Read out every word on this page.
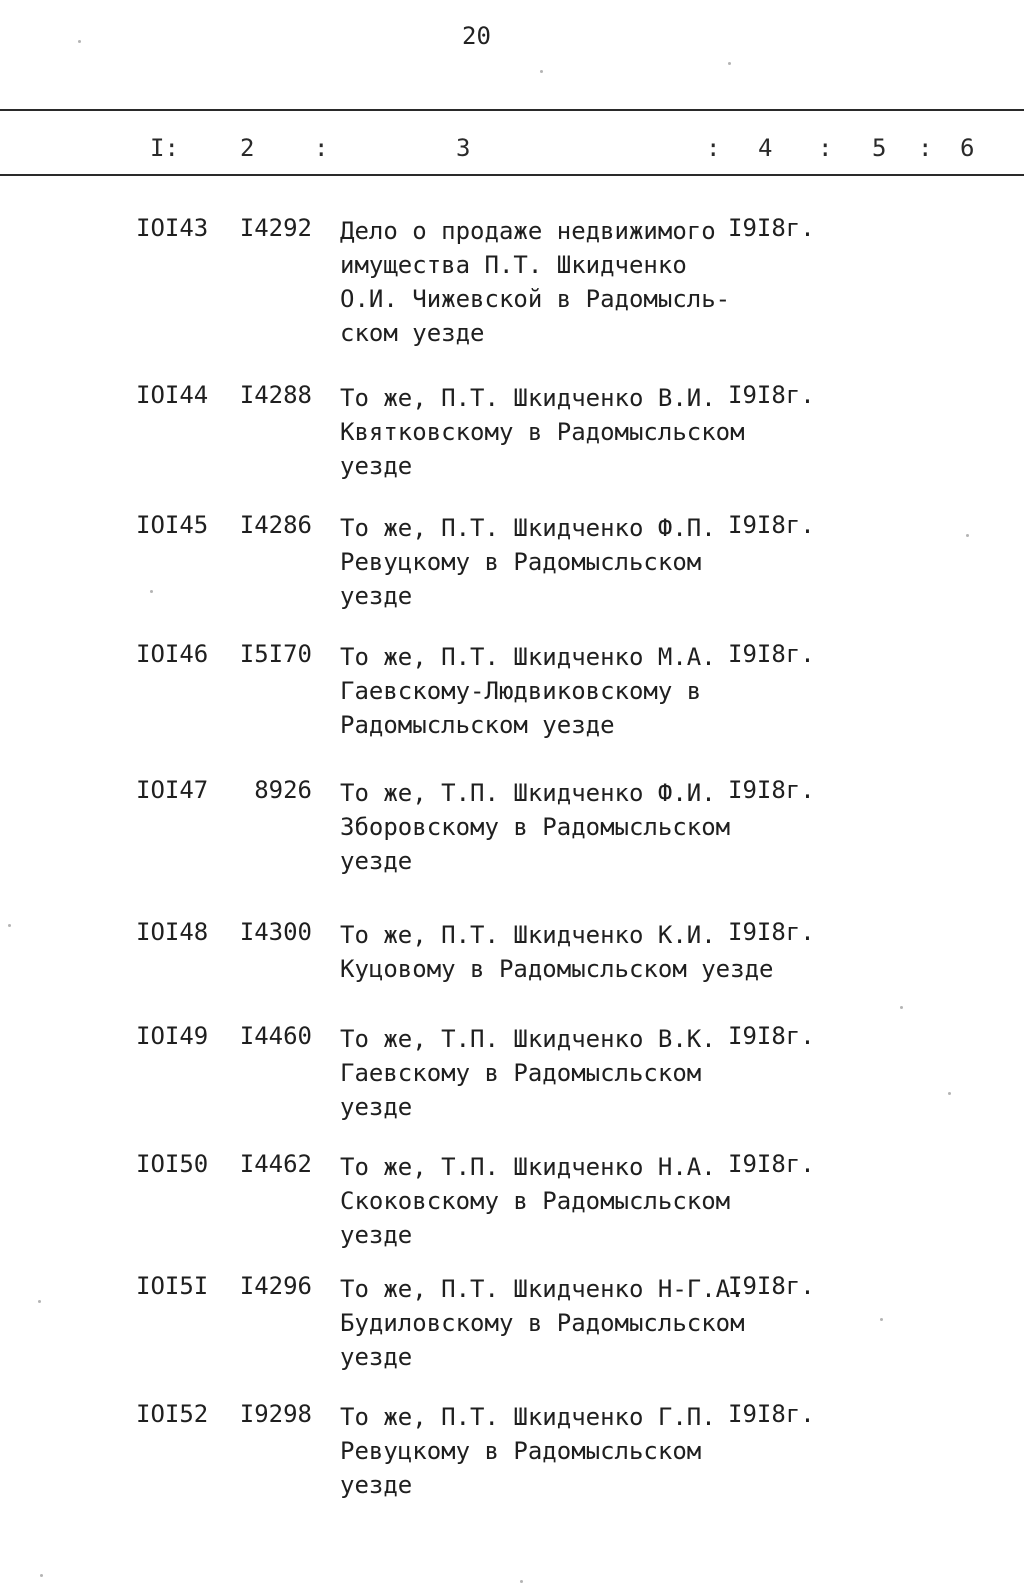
20
I:	2 :	3	: 4 : 5 : 6
IOI43 I4292 Дело о продаже недвижимого
имущества П.Т. Шкидченко
О.И. Чижевской в Радомысль-
ском уезде
I9I8г.
IOI44 I4288 То же, П.Т. Шкидченко В.И.
Квятковскому в Радомысльском
уезде
I9I8г.
IOI45 I4286 То же, П.Т. Шкидченко Ф.П.
Ревуцкому в Радомысльском
уезде
I9I8г.
IOI46 I5I70 То же, П.Т. Шкидченко М.А.
Гаевскому-Людвиковскому в
Радомысльском уезде
I9I8г.
IOI47	8926 То же, Т.П. Шкидченко Ф.И.
Зборовскому в Радомысльском
уезде
I9I8г.
IOI48 I4300 То же, П.Т. Шкидченко К.И.
Куцовому в Радомысльском уезде
I9I8г.
IOI49 I4460 То же, Т.П. Шкидченко В.К.
Гаевскому в Радомысльском
уезде
I9I8г.
IOI50 I4462 То же, Т.П. Шкидченко Н.А.
Скоковскому в Радомысльском
уезде
I9I8г.
IOI5I I4296 То же, П.Т. Шкидченко Н-Г.А.
Будиловскому в Радомысльском
уезде
I9I8г.
IOI52 I9298 То же, П.Т. Шкидченко Г.П.
Ревуцкому в Радомысльском
уезде
I9I8г.
